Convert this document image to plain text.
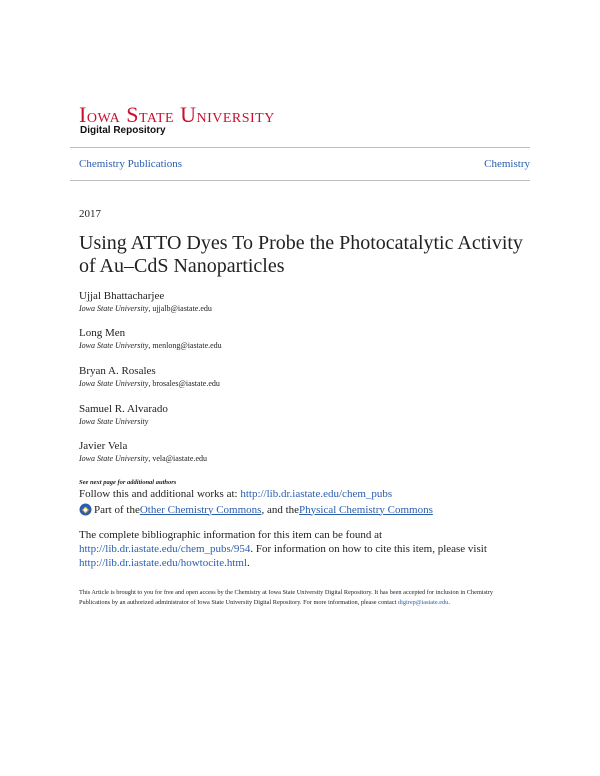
IOWA STATE UNIVERSITY
Digital Repository
Chemistry Publications	Chemistry
2017
Using ATTO Dyes To Probe the Photocatalytic Activity of Au–CdS Nanoparticles
Ujjal Bhattacharjee
Iowa State University, ujjalb@iastate.edu
Long Men
Iowa State University, menlong@iastate.edu
Bryan A. Rosales
Iowa State University, brosales@iastate.edu
Samuel R. Alvarado
Iowa State University
Javier Vela
Iowa State University, vela@iastate.edu
See next page for additional authors
Follow this and additional works at: http://lib.dr.iastate.edu/chem_pubs
Part of the Other Chemistry Commons , and the Physical Chemistry Commons
The complete bibliographic information for this item can be found at http://lib.dr.iastate.edu/chem_pubs/954. For information on how to cite this item, please visit http://lib.dr.iastate.edu/howtocite.html.
This Article is brought to you for free and open access by the Chemistry at Iowa State University Digital Repository. It has been accepted for inclusion in Chemistry Publications by an authorized administrator of Iowa State University Digital Repository. For more information, please contact digirep@iastate.edu.
